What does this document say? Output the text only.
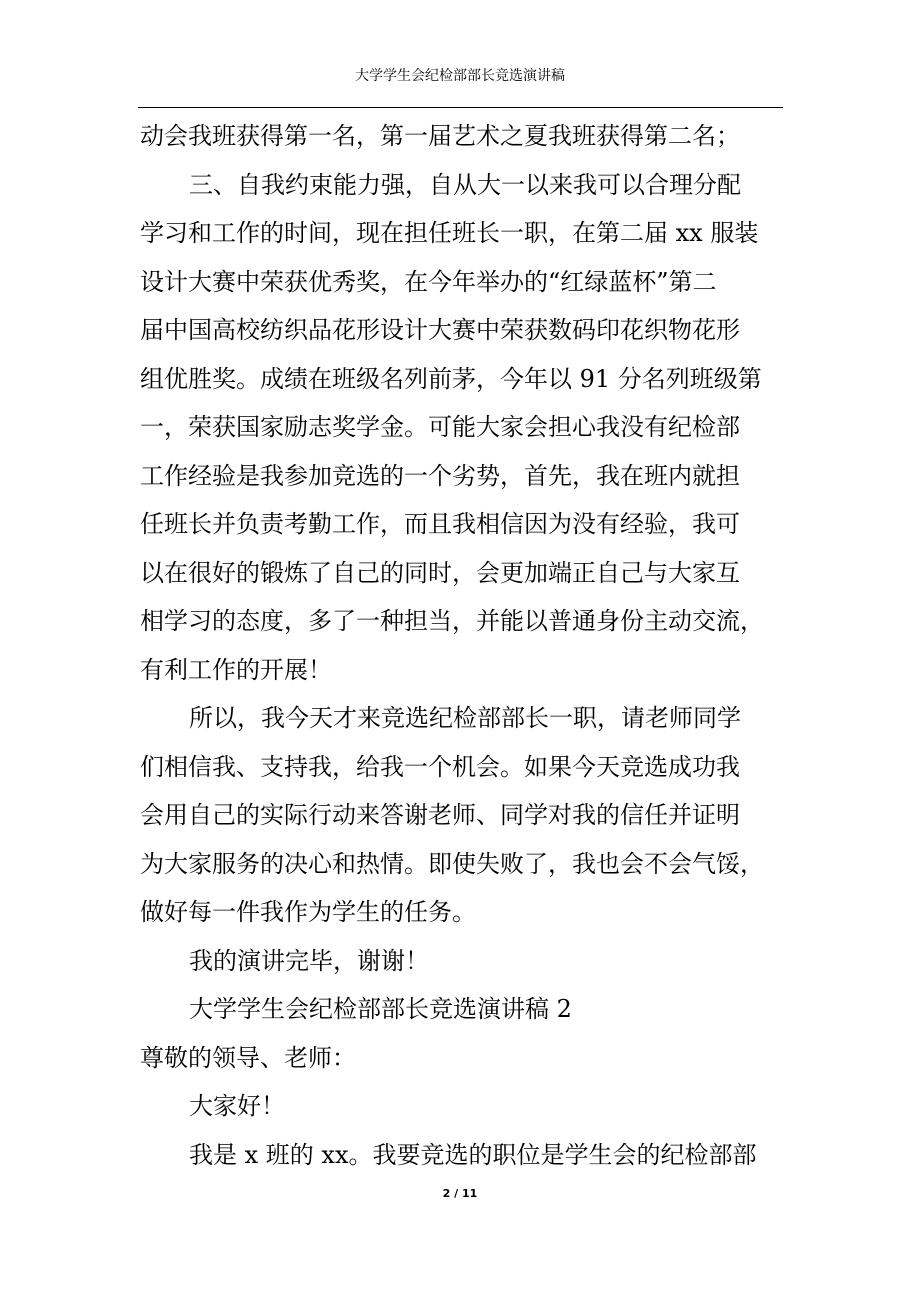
大学学生会纪检部部长竞选演讲稿
动会我班获得第一名，第一届艺术之夏我班获得第二名；
三、自我约束能力强，自从大一以来我可以合理分配
学习和工作的时间，现在担任班长一职，在第二届 xx 服装
设计大赛中荣获优秀奖，在今年举办的“红绿蓝杯”第二
届中国高校纺织品花形设计大赛中荣获数码印花织物花形
组优胜奖。成绩在班级名列前茅，今年以 91 分名列班级第
一，荣获国家励志奖学金。可能大家会担心我没有纪检部
工作经验是我参加竞选的一个劣势，首先，我在班内就担
任班长并负责考勤工作，而且我相信因为没有经验，我可
以在很好的锻炼了自己的同时，会更加端正自己与大家互
相学习的态度，多了一种担当，并能以普通身份主动交流，
有利工作的开展！
所以，我今天才来竞选纪检部部长一职，请老师同学
们相信我、支持我，给我一个机会。如果今天竞选成功我
会用自己的实际行动来答谢老师、同学对我的信任并证明
为大家服务的决心和热情。即使失败了，我也会不会气馁，
做好每一件我作为学生的任务。
我的演讲完毕，谢谢！
大学学生会纪检部部长竞选演讲稿 2
尊敬的领导、老师：
大家好！
我是 x 班的 xx。我要竞选的职位是学生会的纪检部部
2 / 11
